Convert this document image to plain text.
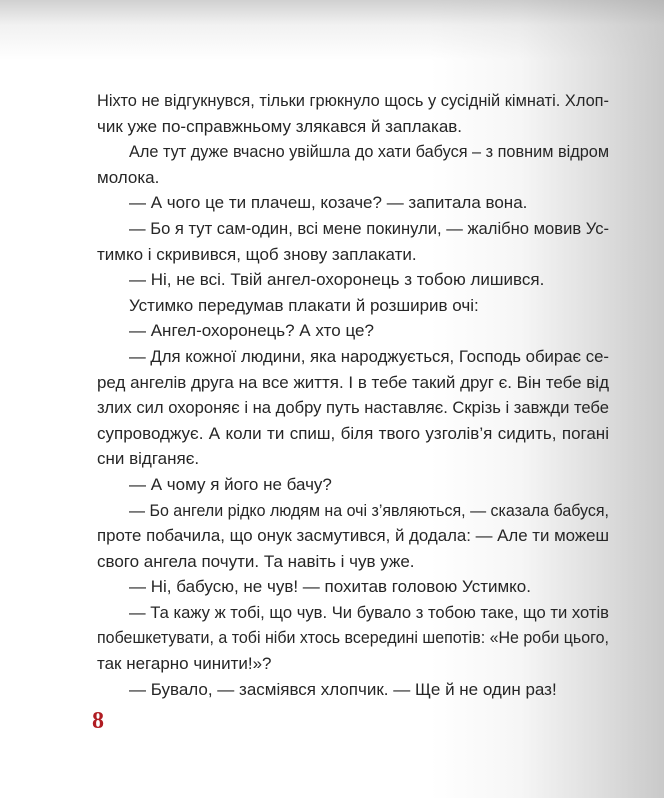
Ніхто не відгукнувся, тільки грюкнуло щось у сусідній кімнаті. Хлоп-

чик уже по-справжньому злякався й заплакав.

Але тут дуже вчасно увійшла до хати бабуся – з повним відром

молока.

— А чого це ти плачеш, козаче? — запитала вона.

— Бо я тут сам-один, всі мене покинули, — жалібно мовив Ус-

тимко і скривився, щоб знову заплакати.

— Ні, не всі. Твій ангел-охоронець з тобою лишився.

Устимко передумав плакати й розширив очі:

— Ангел-охоронець? А хто це?

— Для кожної людини, яка народжується, Господь обирає се-

ред ангелів друга на все життя. І в тебе такий друг є. Він тебе від

злих сил охороняє і на добру путь наставляє. Скрізь і завжди тебе

супроводжує. А коли ти спиш, біля твого узголів’я сидить, погані

сни відганяє.

— А чому я його не бачу?

— Бо ангели рідко людям на очі з’являються, — сказала бабуся,

проте побачила, що онук засмутився, й додала: — Але ти можеш

свого ангела почути. Та навіть і чув уже.

— Ні, бабусю, не чув! — похитав головою Устимко.

— Та кажу ж тобі, що чув. Чи бувало з тобою таке, що ти хотів

побешкетувати, а тобі ніби хтось всередині шепотів: «Не роби цього,

так негарно чинити!»?

— Бувало, — засміявся хлопчик. — Ще й не один раз!

8
